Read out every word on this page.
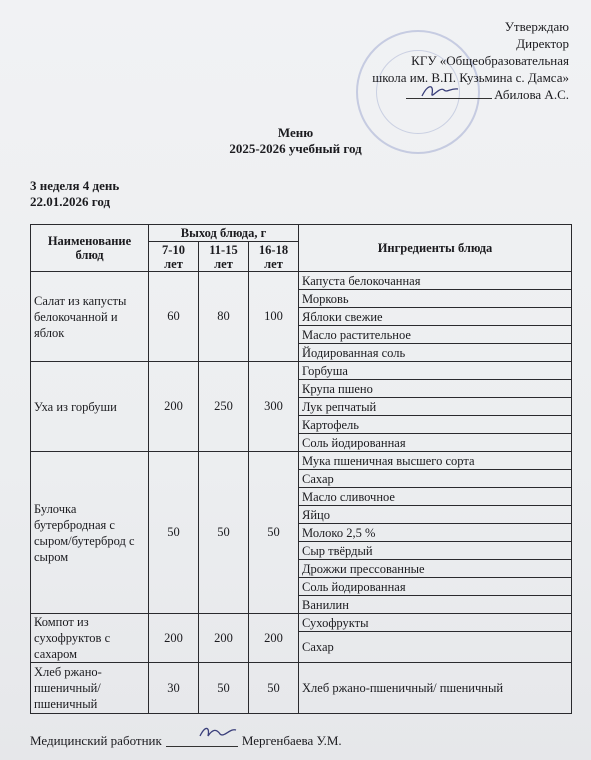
Утверждаю
Директор
КГУ «Общеобразовательная
школа им. В.П. Кузьмина с. Дамса»
Абилова А.С.
Меню
2025-2026 учебный год
3 неделя 4 день
22.01.2026 год
Наименование блюд	Выход блюда, г			Ингредиенты блюда
	7-10 лет	11-15 лет	16-18 лет	
Салат из капусты белокочанной и яблок	60	80	100	Капуста белокочанная
				Морковь
				Яблоки свежие
				Масло растительное
				Йодированная соль
Уха из горбуши	200	250	300	Горбуша
				Крупа пшено
				Лук репчатый
				Картофель
				Соль йодированная
Булочка бутербродная с сыром/бутерброд с сыром	50	50	50	Мука пшеничная высшего сорта
				Сахар
				Масло сливочное
				Яйцо
				Молоко 2,5 %
				Сыр твёрдый
				Дрожжи прессованные
				Соль йодированная
				Ванилин
Компот из сухофруктов с сахаром	200	200	200	Сухофрукты
				Сахар
Хлеб ржано-пшеничный/ пшеничный	30	50	50	Хлеб ржано-пшеничный/ пшеничный
Медицинский работник	Мергенбаева У.М.
